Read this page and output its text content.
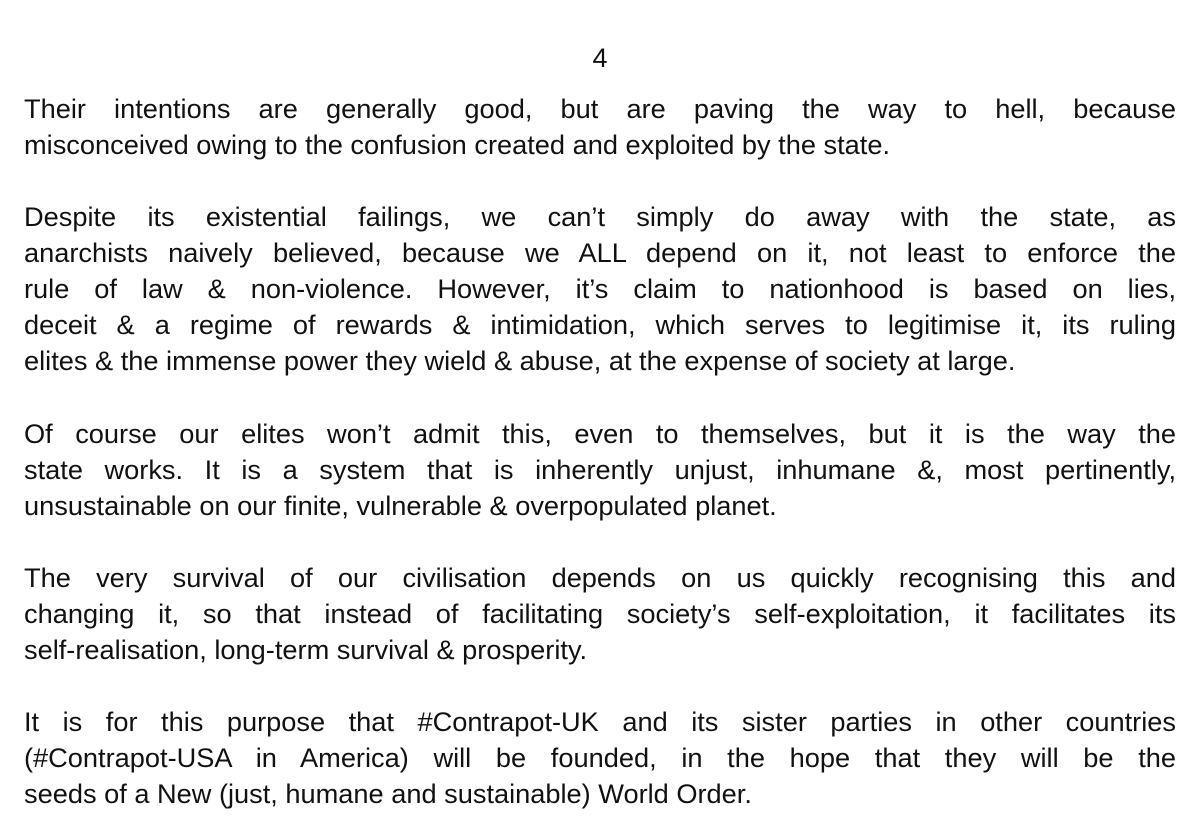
4

Their intentions are generally good, but are paving the way to hell, because
misconceived owing to the confusion created and exploited by the state.

Despite its existential failings, we can’t simply do away with the state, as
anarchists naively believed, because we ALL depend on it, not least to enforce the
rule of law & non-violence. However, it’s claim to nationhood is based on lies,
deceit & a regime of rewards & intimidation, which serves to legitimise it, its ruling
elites & the immense power they wield & abuse, at the expense of society at large.

Of course our elites won’t admit this, even to themselves, but it is the way the
state works. It is a system that is inherently unjust, inhumane &, most pertinently,
unsustainable on our finite, vulnerable & overpopulated planet.

The very survival of our civilisation depends on us quickly recognising this and
changing it, so that instead of facilitating society’s self-exploitation, it facilitates its
self-realisation, long-term survival & prosperity.

It is for this purpose that #Contrapot-UK and its sister parties in other countries
(#Contrapot-USA in America) will be founded, in the hope that they will be the
seeds of a New (just, humane and sustainable) World Order.
